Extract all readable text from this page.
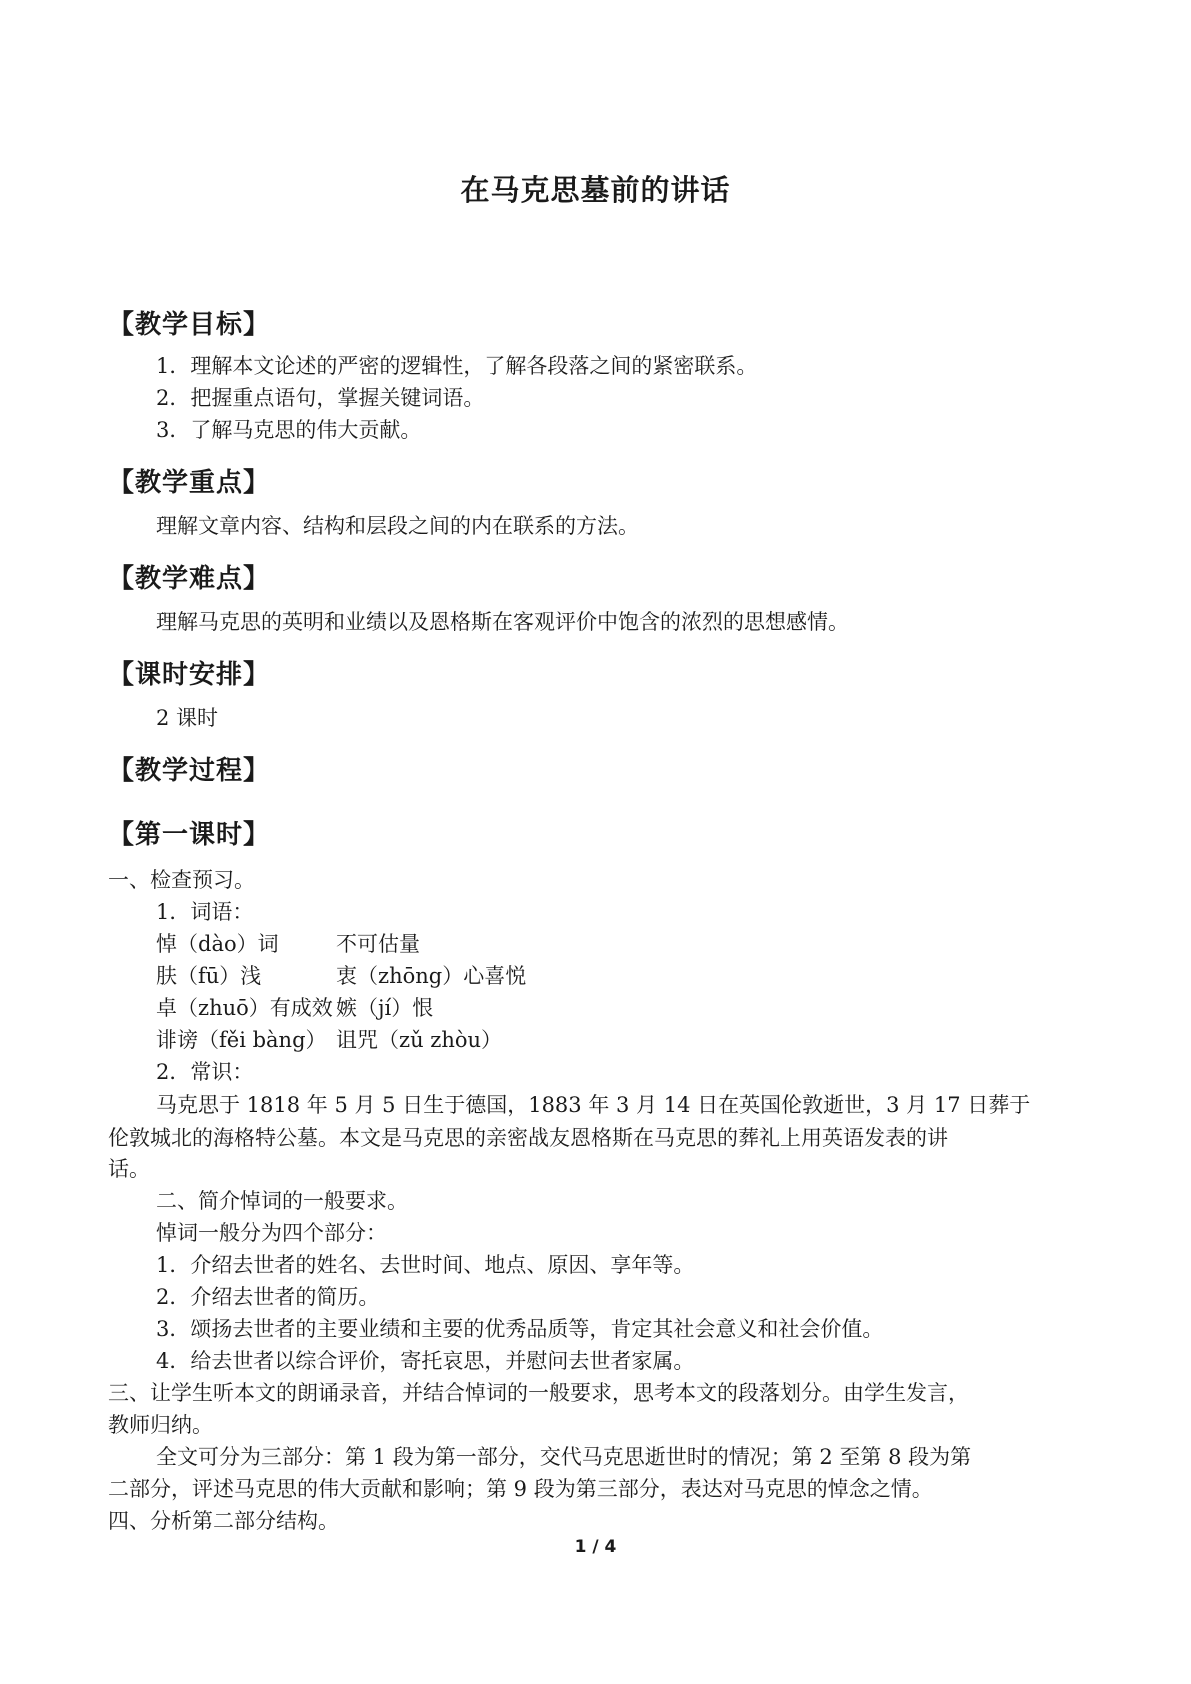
在马克思墓前的讲话
【教学目标】
1．理解本文论述的严密的逻辑性，了解各段落之间的紧密联系。
2．把握重点语句，掌握关键词语。
3．了解马克思的伟大贡献。
【教学重点】
理解文章内容、结构和层段之间的内在联系的方法。
【教学难点】
理解马克思的英明和业绩以及恩格斯在客观评价中饱含的浓烈的思想感情。
【课时安排】
2 课时
【教学过程】
【第一课时】
一、检查预习。
1．词语：
悼（dào）词	不可估量
肤（fū）浅	衷（zhōng）心喜悦
卓（zhuō）有成效 嫉（jí）恨
诽谤（fěi bàng） 诅咒（zǔ zhòu）
2．常识：
马克思于 1818 年 5 月 5 日生于德国，1883 年 3 月 14 日在英国伦敦逝世，3 月 17 日葬于
伦敦城北的海格特公墓。本文是马克思的亲密战友恩格斯在马克思的葬礼上用英语发表的讲
话。
二、简介悼词的一般要求。
悼词一般分为四个部分：
1．介绍去世者的姓名、去世时间、地点、原因、享年等。
2．介绍去世者的简历。
3．颂扬去世者的主要业绩和主要的优秀品质等，肯定其社会意义和社会价值。
4．给去世者以综合评价，寄托哀思，并慰问去世者家属。
三、让学生听本文的朗诵录音，并结合悼词的一般要求，思考本文的段落划分。由学生发言，
教师归纳。
全文可分为三部分：第 1 段为第一部分，交代马克思逝世时的情况；第 2 至第 8 段为第
二部分，评述马克思的伟大贡献和影响；第 9 段为第三部分，表达对马克思的悼念之情。
四、分析第二部分结构。
1 / 4
